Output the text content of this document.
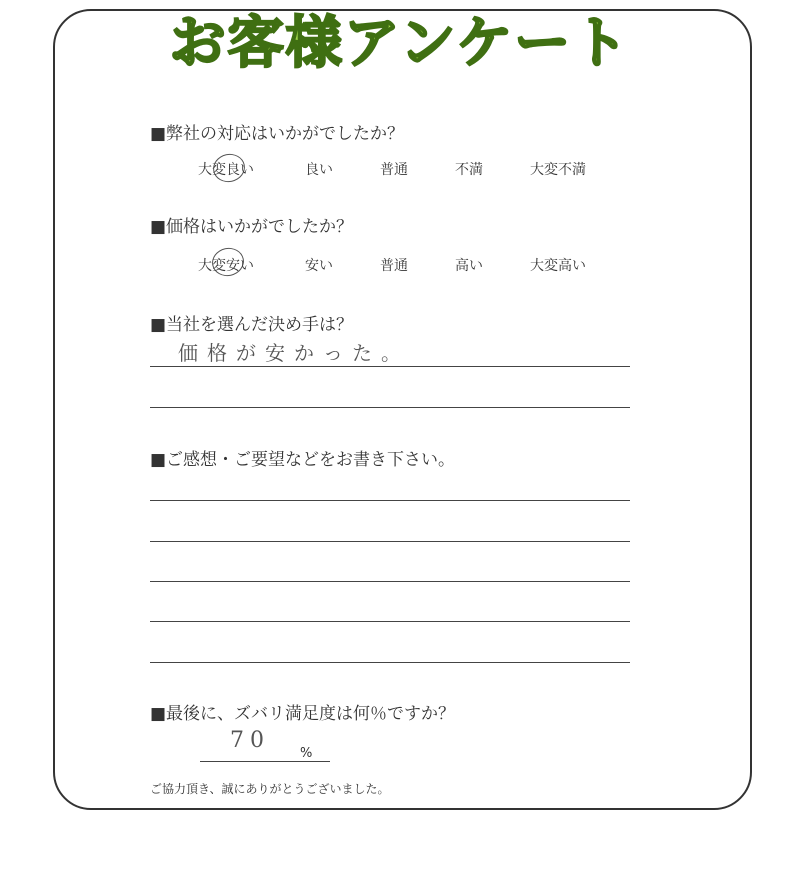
お客様アンケート
■弊社の対応はいかがでしたか？
大変良い	良い	普通	不満	大変不満
■価格はいかがでしたか？
大変安い	安い	普通	高い	大変高い
■当社を選んだ決め手は？
価格が安かった。
■ご感想・ご要望などをお書き下さい。
■最後に、ズバリ満足度は何％ですか？
70
%
ご協力頂き、誠にありがとうございました。
